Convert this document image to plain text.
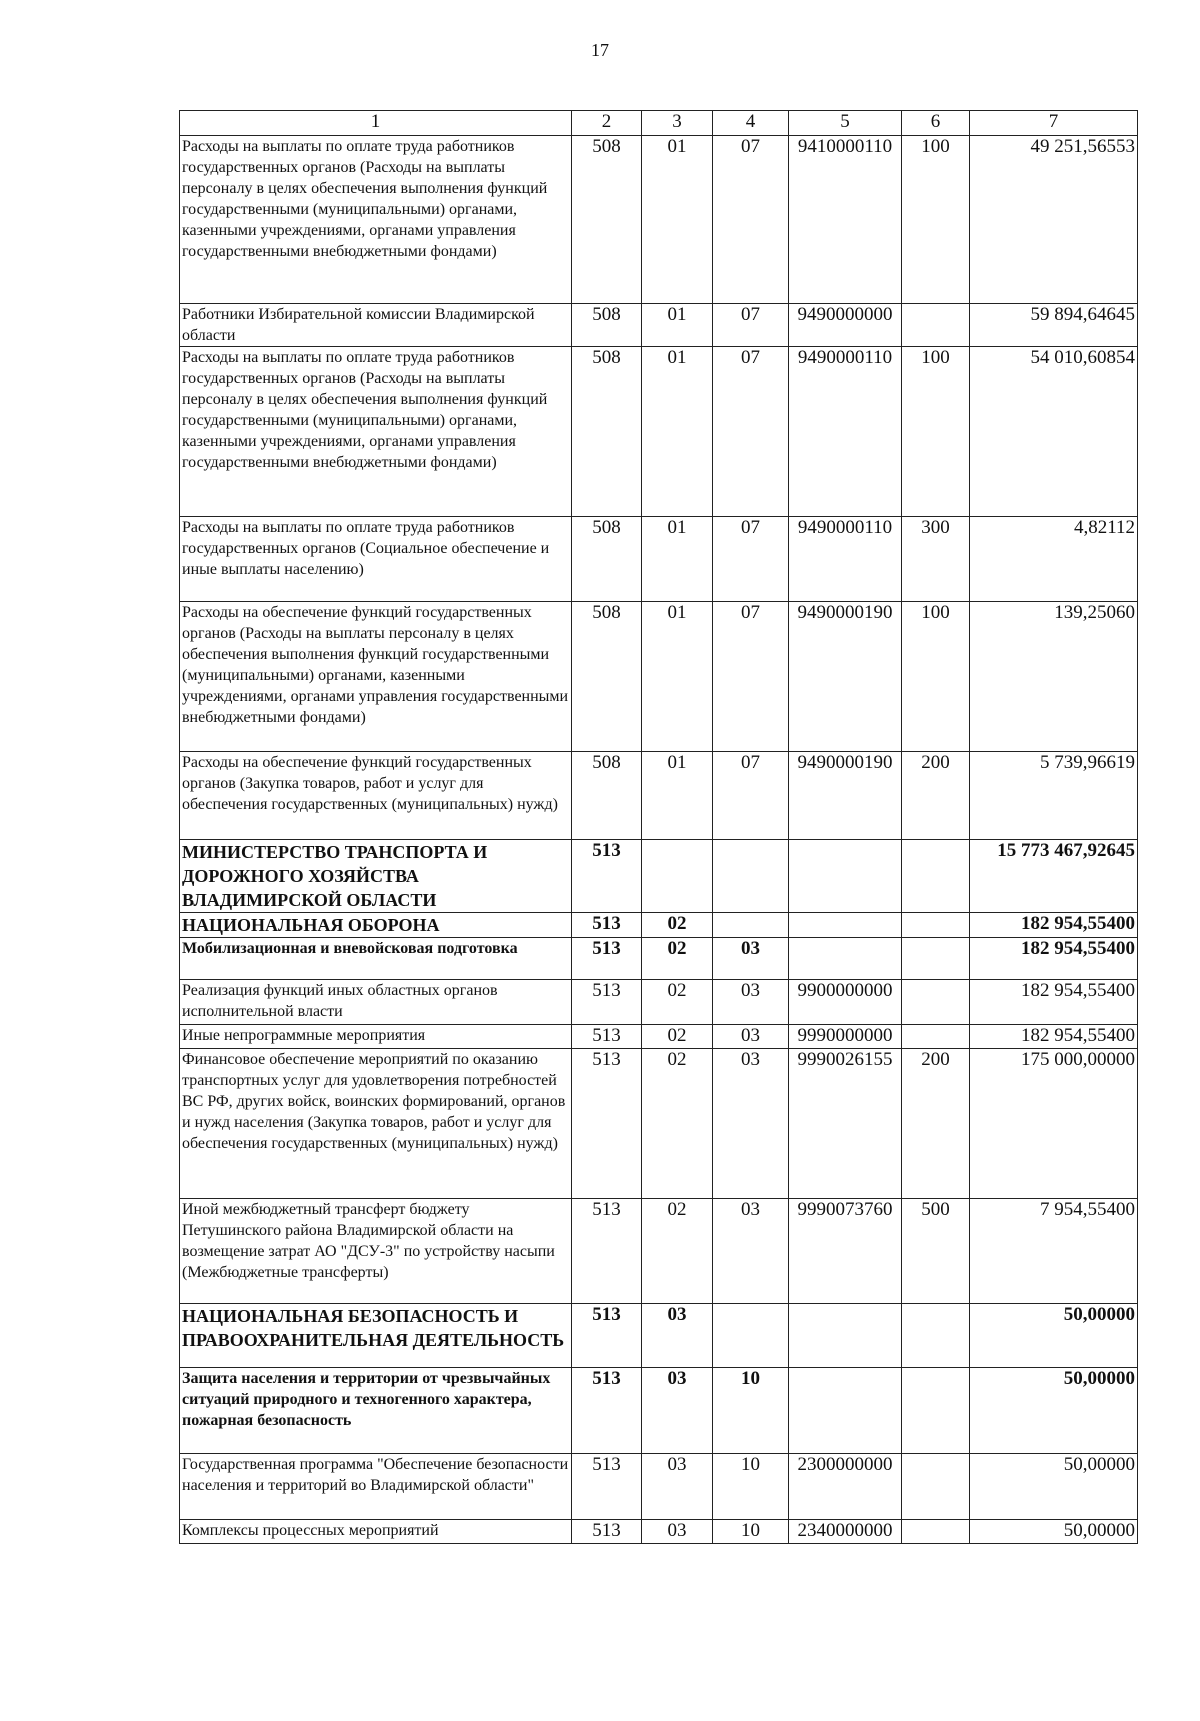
17
1	2	3	4	5	6	7
Расходы на выплаты по оплате труда работников государственных органов (Расходы на выплаты персоналу в целях обеспечения выполнения функций государственными (муниципальными) органами, казенными учреждениями, органами управления государственными внебюджетными фондами)	508	01	07	9410000110	100	49 251,56553
Работники Избирательной комиссии Владимирской области	508	01	07	9490000000		59 894,64645
Расходы на выплаты по оплате труда работников государственных органов (Расходы на выплаты персоналу в целях обеспечения выполнения функций государственными (муниципальными) органами, казенными учреждениями, органами управления государственными внебюджетными фондами)	508	01	07	9490000110	100	54 010,60854
Расходы на выплаты по оплате труда работников государственных органов (Социальное обеспечение и иные выплаты населению)	508	01	07	9490000110	300	4,82112
Расходы на обеспечение функций государственных органов (Расходы на выплаты персоналу в целях обеспечения выполнения функций государственными (муниципальными) органами, казенными учреждениями, органами управления государственными внебюджетными фондами)	508	01	07	9490000190	100	139,25060
Расходы на обеспечение функций государственных органов (Закупка товаров, работ и услуг для обеспечения государственных (муниципальных) нужд)	508	01	07	9490000190	200	5 739,96619
МИНИСТЕРСТВО ТРАНСПОРТА И ДОРОЖНОГО ХОЗЯЙСТВА ВЛАДИМИРСКОЙ ОБЛАСТИ	513					15 773 467,92645
НАЦИОНАЛЬНАЯ ОБОРОНА	513	02				182 954,55400
Мобилизационная и вневойсковая подготовка	513	02	03			182 954,55400
Реализация функций иных областных органов исполнительной власти	513	02	03	9900000000		182 954,55400
Иные непрограммные мероприятия	513	02	03	9990000000		182 954,55400
Финансовое обеспечение мероприятий по оказанию транспортных услуг для удовлетворения потребностей ВС РФ, других войск, воинских формирований, органов и нужд населения (Закупка товаров, работ и услуг для обеспечения государственных (муниципальных) нужд)	513	02	03	9990026155	200	175 000,00000
Иной межбюджетный трансферт бюджету Петушинского района Владимирской области на возмещение затрат АО "ДСУ-3" по устройству насыпи (Межбюджетные трансферты)	513	02	03	9990073760	500	7 954,55400
НАЦИОНАЛЬНАЯ БЕЗОПАСНОСТЬ И ПРАВООХРАНИТЕЛЬНАЯ ДЕЯТЕЛЬНОСТЬ	513	03				50,00000
Защита населения и территории от чрезвычайных ситуаций природного и техногенного характера, пожарная безопасность	513	03	10			50,00000
Государственная программа "Обеспечение безопасности населения и территорий во Владимирской области"	513	03	10	2300000000		50,00000
Комплексы процессных мероприятий	513	03	10	2340000000		50,00000
